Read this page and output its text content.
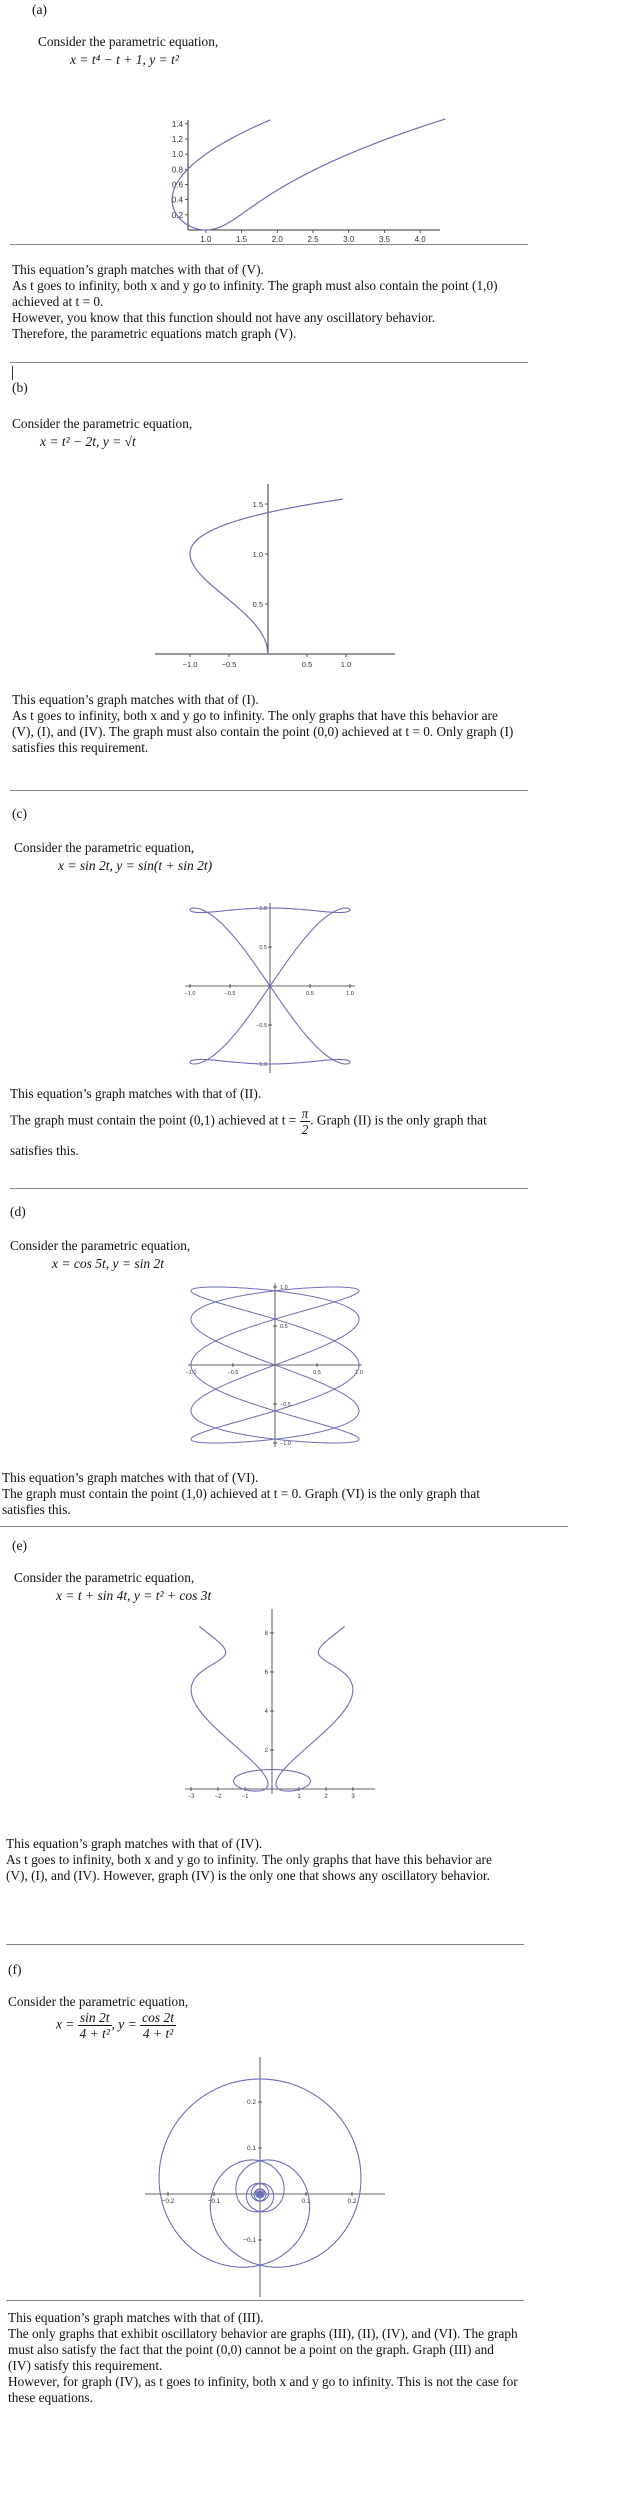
(a)
Consider the parametric equation,
x = t⁴ − t + 1, y = t²
1.0	1.5	2.0	2.5	3.0	3.5	4.0
0.2
0.4
0.6
0.8
1.0
1.2
1.4
This equation’s graph matches with that of (V).
As t goes to infinity, both x and y go to infinity. The graph must also contain the point (1,0) achieved at t = 0.
However, you know that this function should not have any oscillatory behavior.
Therefore, the parametric equations match graph (V).
(b)
Consider the parametric equation,
x = t² − 2t, y = √t
−1.0	−0.5	0.5	1.0
0.5
1.0
1.5
This equation’s graph matches with that of (I).
As t goes to infinity, both x and y go to infinity. The only graphs that have this behavior are (V), (I), and (IV). The graph must also contain the point (0,0) achieved at t = 0. Only graph (I) satisfies this requirement.
(c)
Consider the parametric equation,
x = sin 2t, y = sin(t + sin 2t)
−1.0	−0.5	0.5	1.0
1.0
0.5
−0.5
−1.0
This equation’s graph matches with that of (II).
The graph must contain the point (0,1) achieved at $t = \frac{\pi}{2}$ . Graph (II) is the only graph that satisfies this.
(d)
Consider the parametric equation,
x = cos 5t, y = sin 2t
−1.0	−0.5	0.5	1.0
1.0
0.5
−0.5
−1.0
This equation’s graph matches with that of (VI).
The graph must contain the point (1,0) achieved at t = 0. Graph (VI) is the only graph that satisfies this.
(e)
Consider the parametric equation,
x = t + sin 4t, y = t² + cos 3t
−3	−2	−1	1	2	3
2
4
6
8
This equation’s graph matches with that of (IV).
As t goes to infinity, both x and y go to infinity. The only graphs that have this behavior are (V), (I), and (IV). However, graph (IV) is the only one that shows any oscillatory behavior.
(f)
Consider the parametric equation,
$x = \frac{\sin 2t}{\text{4 + t²}}$ , $y = \frac{\cos 2t}{\text{4 + t²}}$
−0.2	−0.1	0.1	0.2
0.2
0.1
−0.1
This equation’s graph matches with that of (III).
The only graphs that exhibit oscillatory behavior are graphs (III), (II), (IV), and (VI). The graph must also satisfy the fact that the point (0,0) cannot be a point on the graph. Graph (III) and (IV) satisfy this requirement.
However, for graph (IV), as t goes to infinity, both x and y go to infinity. This is not the case for these equations.
